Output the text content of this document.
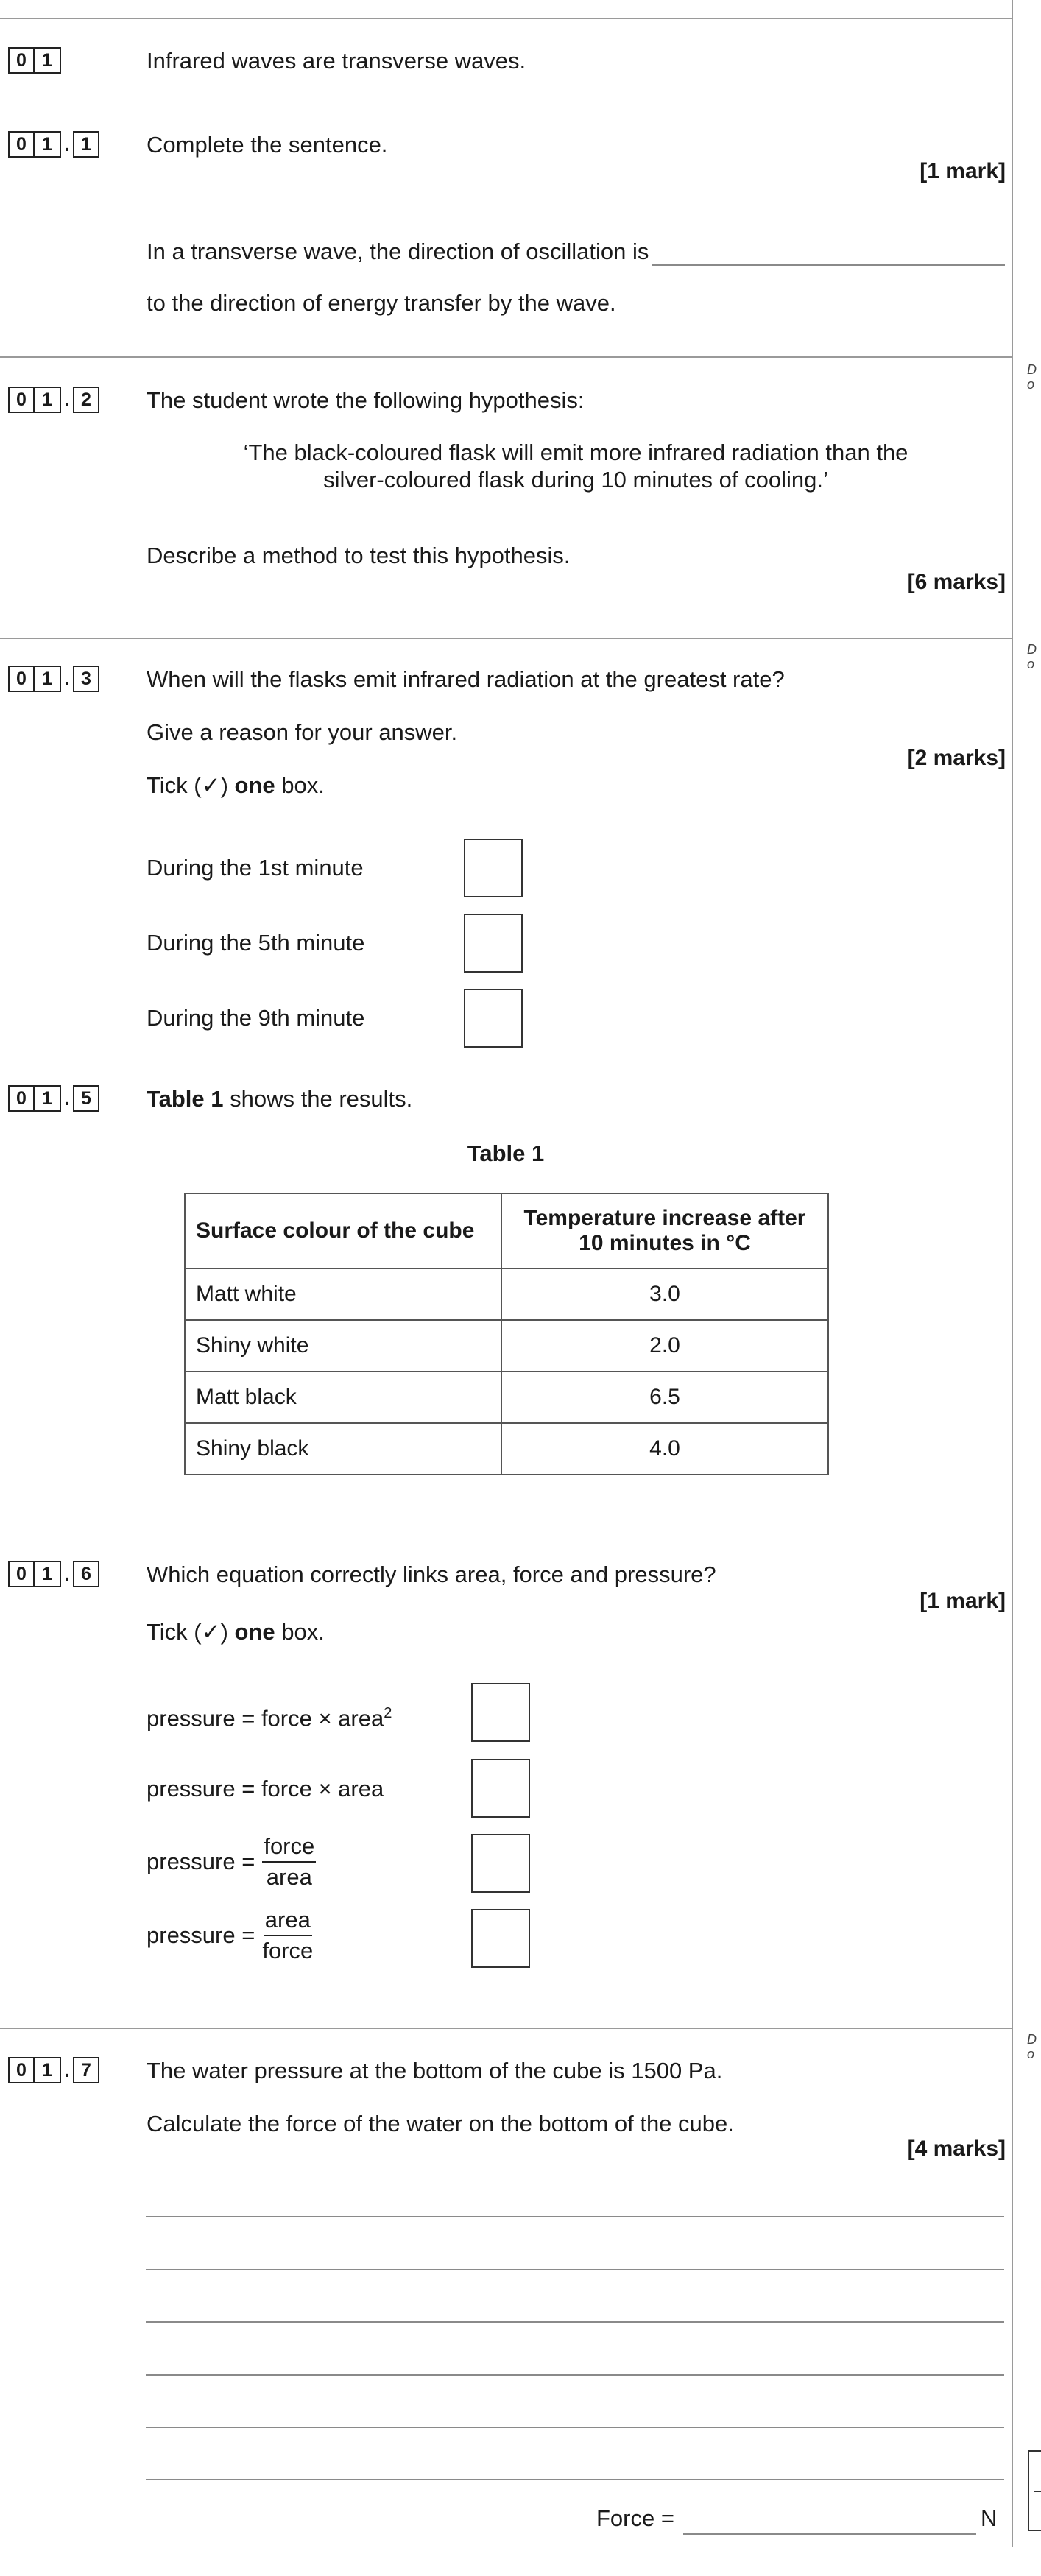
D
o
D
o
D
o
0 1	Infrared waves are transverse waves.
0 1 . 1	Complete the sentence.
[1 mark]
In a transverse wave, the direction of oscillation is
to the direction of energy transfer by the wave.
0 1 . 2	The student wrote the following hypothesis:
‘The black-coloured flask will emit more infrared radiation than the
silver-coloured flask during 10 minutes of cooling.’
Describe a method to test this hypothesis.
[6 marks]
0 1 . 3	When will the flasks emit infrared radiation at the greatest rate?
Give a reason for your answer.
[2 marks]
Tick (✓) one box.
During the 1st minute
During the 5th minute
During the 9th minute
0 1 . 5	Table 1 shows the results.
Table 1
Surface colour of the cube	Temperature increase after
10 minutes in °C
Matt white	3.0
Shiny white	2.0
Matt black	6.5
Shiny black	4.0
0 1 . 6	Which equation correctly links area, force and pressure?
[1 mark]
Tick (✓) one box.
pressure = force × area$^2$
pressure = force × area
pressure = $\frac{\text{force}}{\text{area}}$
pressure = $\frac{\text{area}}{\text{force}}$
0 1 . 7	The water pressure at the bottom of the cube is 1500 Pa.
Calculate the force of the water on the bottom of the cube.
[4 marks]
Force =	N
